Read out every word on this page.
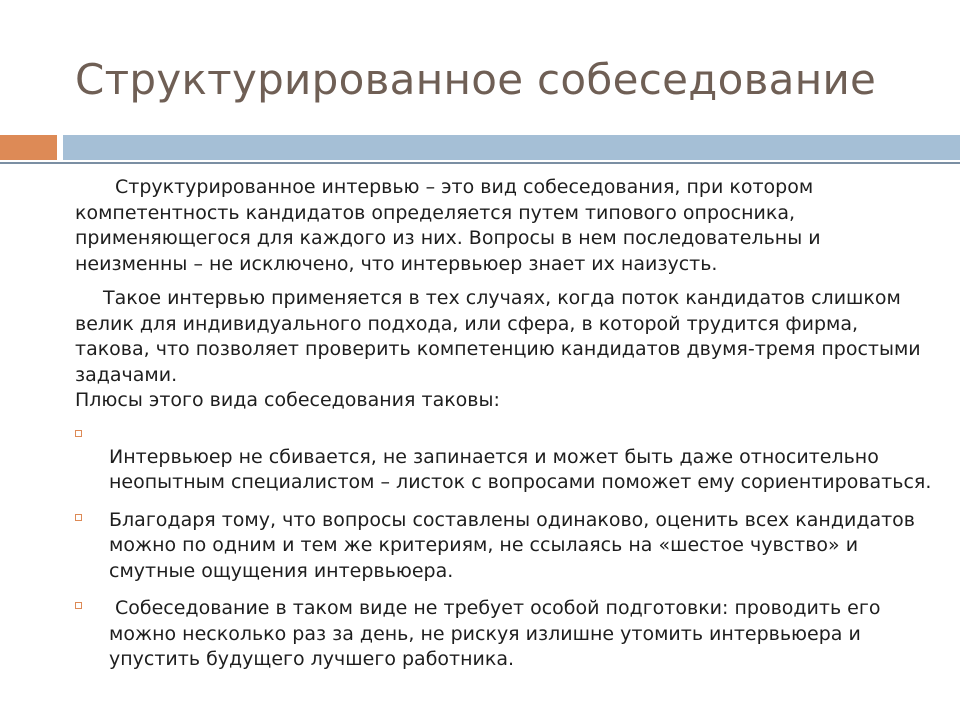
Структурированное собеседование

Структурированное интервью – это вид собеседования, при котором компетентность кандидатов определяется путем типового опросника, применяющегося для каждого из них. Вопросы в нем последовательны и неизменны – не исключено, что интервьюер знает их наизусть.

Такое интервью применяется в тех случаях, когда поток кандидатов слишком велик для индивидуального подхода, или сфера, в которой трудится фирма, такова, что позволяет проверить компетенцию кандидатов двумя-тремя простыми задачами.

Плюсы этого вида собеседования таковы:

Интервьюер не сбивается, не запинается и может быть даже относительно неопытным специалистом – листок с вопросами поможет ему сориентироваться.
Благодаря тому, что вопросы составлены одинаково, оценить всех кандидатов можно по одним и тем же критериям, не ссылаясь на «шестое чувство» и смутные ощущения интервьюера.
Собеседование в таком виде не требует особой подготовки: проводить его можно несколько раз за день, не рискуя излишне утомить интервьюера и упустить будущего лучшего работника.
